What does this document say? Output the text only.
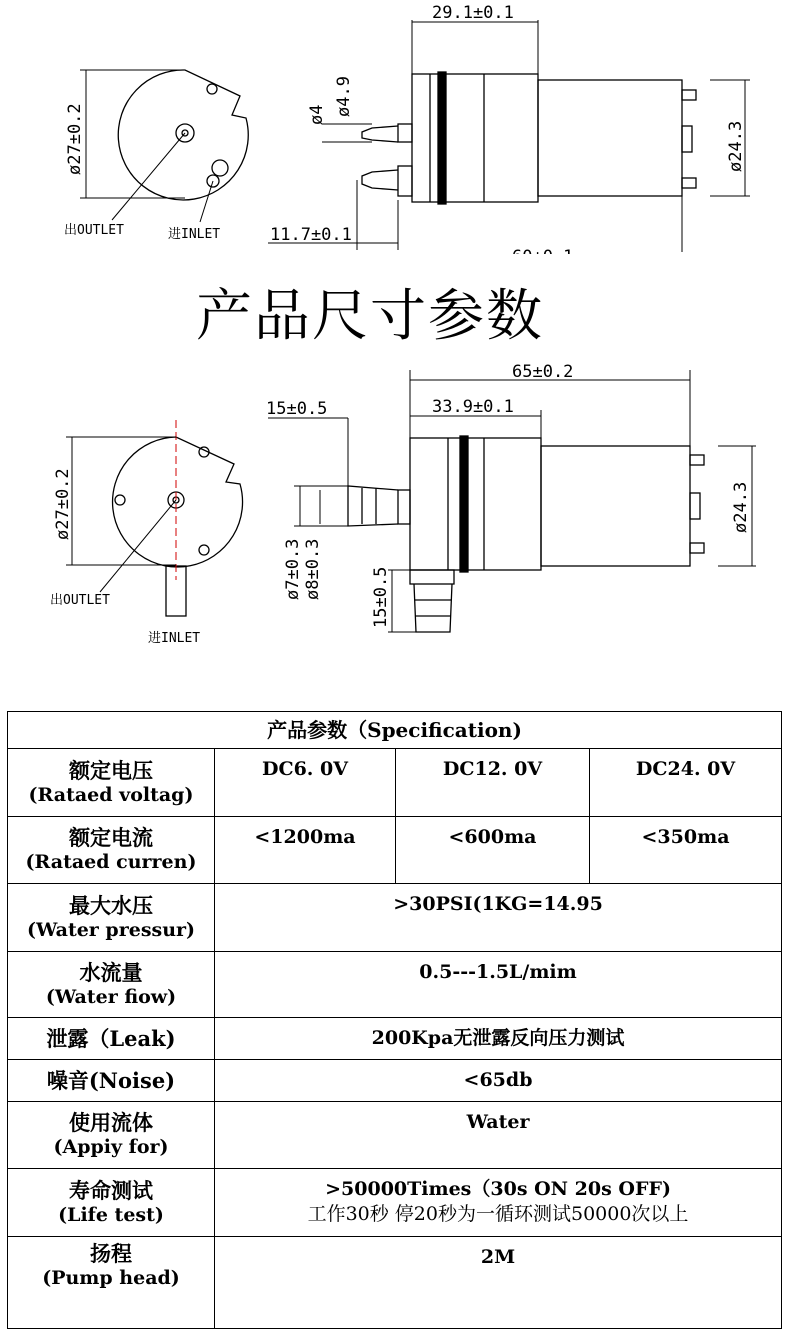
ø27±0.2
出OUTLET	进INLET
29.1±0.1
ø4.9
ø4
ø24.3
11.7±0.1
ø27±0.2
出OUTLET
进INLET
65±0.2
15±0.5	33.9±0.1
ø7±0.3 ø8±0.3	15±0.5
ø24.3
产品尺寸参数
产品参数（Specification)			

额定电压
(Rataed voltag)	DC6. 0V	DC12. 0V	DC24. 0V

额定电流
(Rataed curren)	<1200ma	<600ma	<350ma

最大水压
(Water pressur)	>30PSI(1KG=14.95		

水流量
(Water fiow)	0.5---1.5L/mim		

泄露（Leak)	200Kpa无泄露反向压力测试		

噪音(Noise)	<65db		

使用流体
(Appiy for)	Water		

寿命测试
(Life test)	>50000Times（30s ON 20s OFF)
工作30秒 停20秒为一循环测试50000次以上		

扬程
(Pump head)	2M		
